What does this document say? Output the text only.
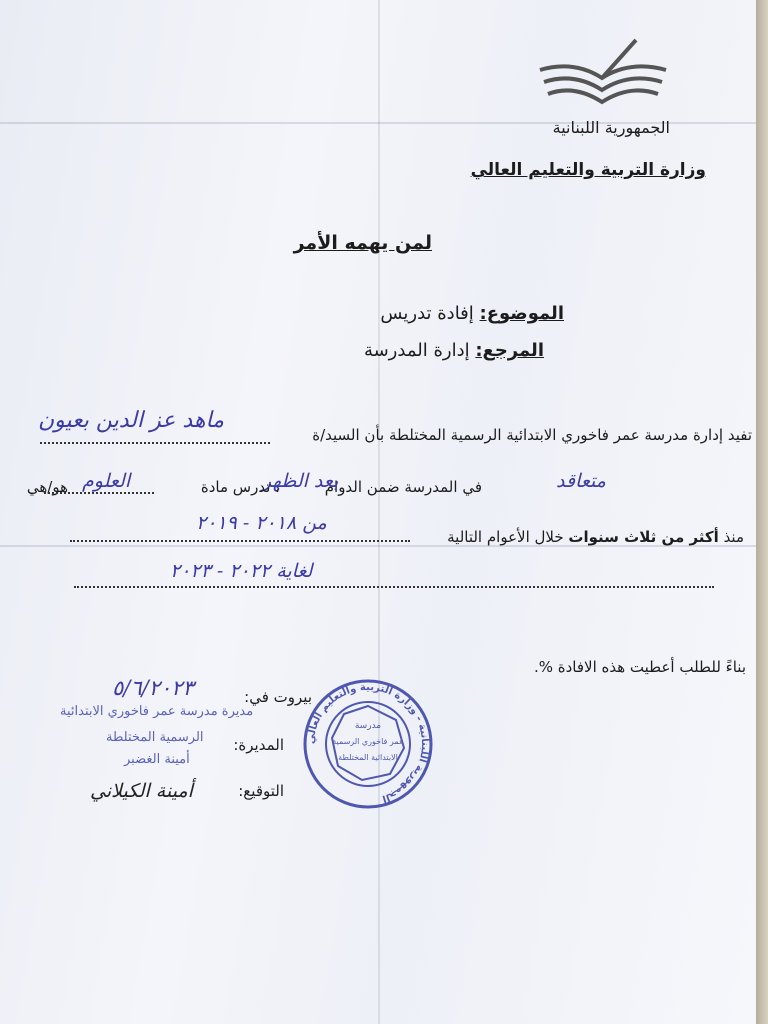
الجمهورية اللبنانية
وزارة التربية والتعليم العالي
لمن يهمه الأمر
الموضوع: إفادة تدريس
المرجع: إدارة المدرسة
تفيد إدارة مدرسة عمر فاخوري الابتدائية الرسمية المختلطة بأن السيد/ة
ماهد عز الدين بعيون
هو/هي	متعاقد
في المدرسة ضمن الدوام
بعد الظهر
، تدرس مادة
العلوم
منذ أكثر من ثلاث سنوات خلال الأعوام التالية
من ٢٠١٨ - ٢٠١٩
لغاية ٢٠٢٢ - ٢٠٢٣
بناءً للطلب أعطيت هذه الافادة ‎%.
بيروت في:
٥/٦/٢٠٢٣
مديرة مدرسة عمر فاخوري الابتدائية
الرسمية المختلطة
أمينة الغضبر
المديرة:
التوقيع:
أمينة الكيلاني
مدرسة
عمر فاخوري الرسمية
الابتدائية المختلطة
الجمهورية اللبنانية - وزارة التربية والتعليم العالي
